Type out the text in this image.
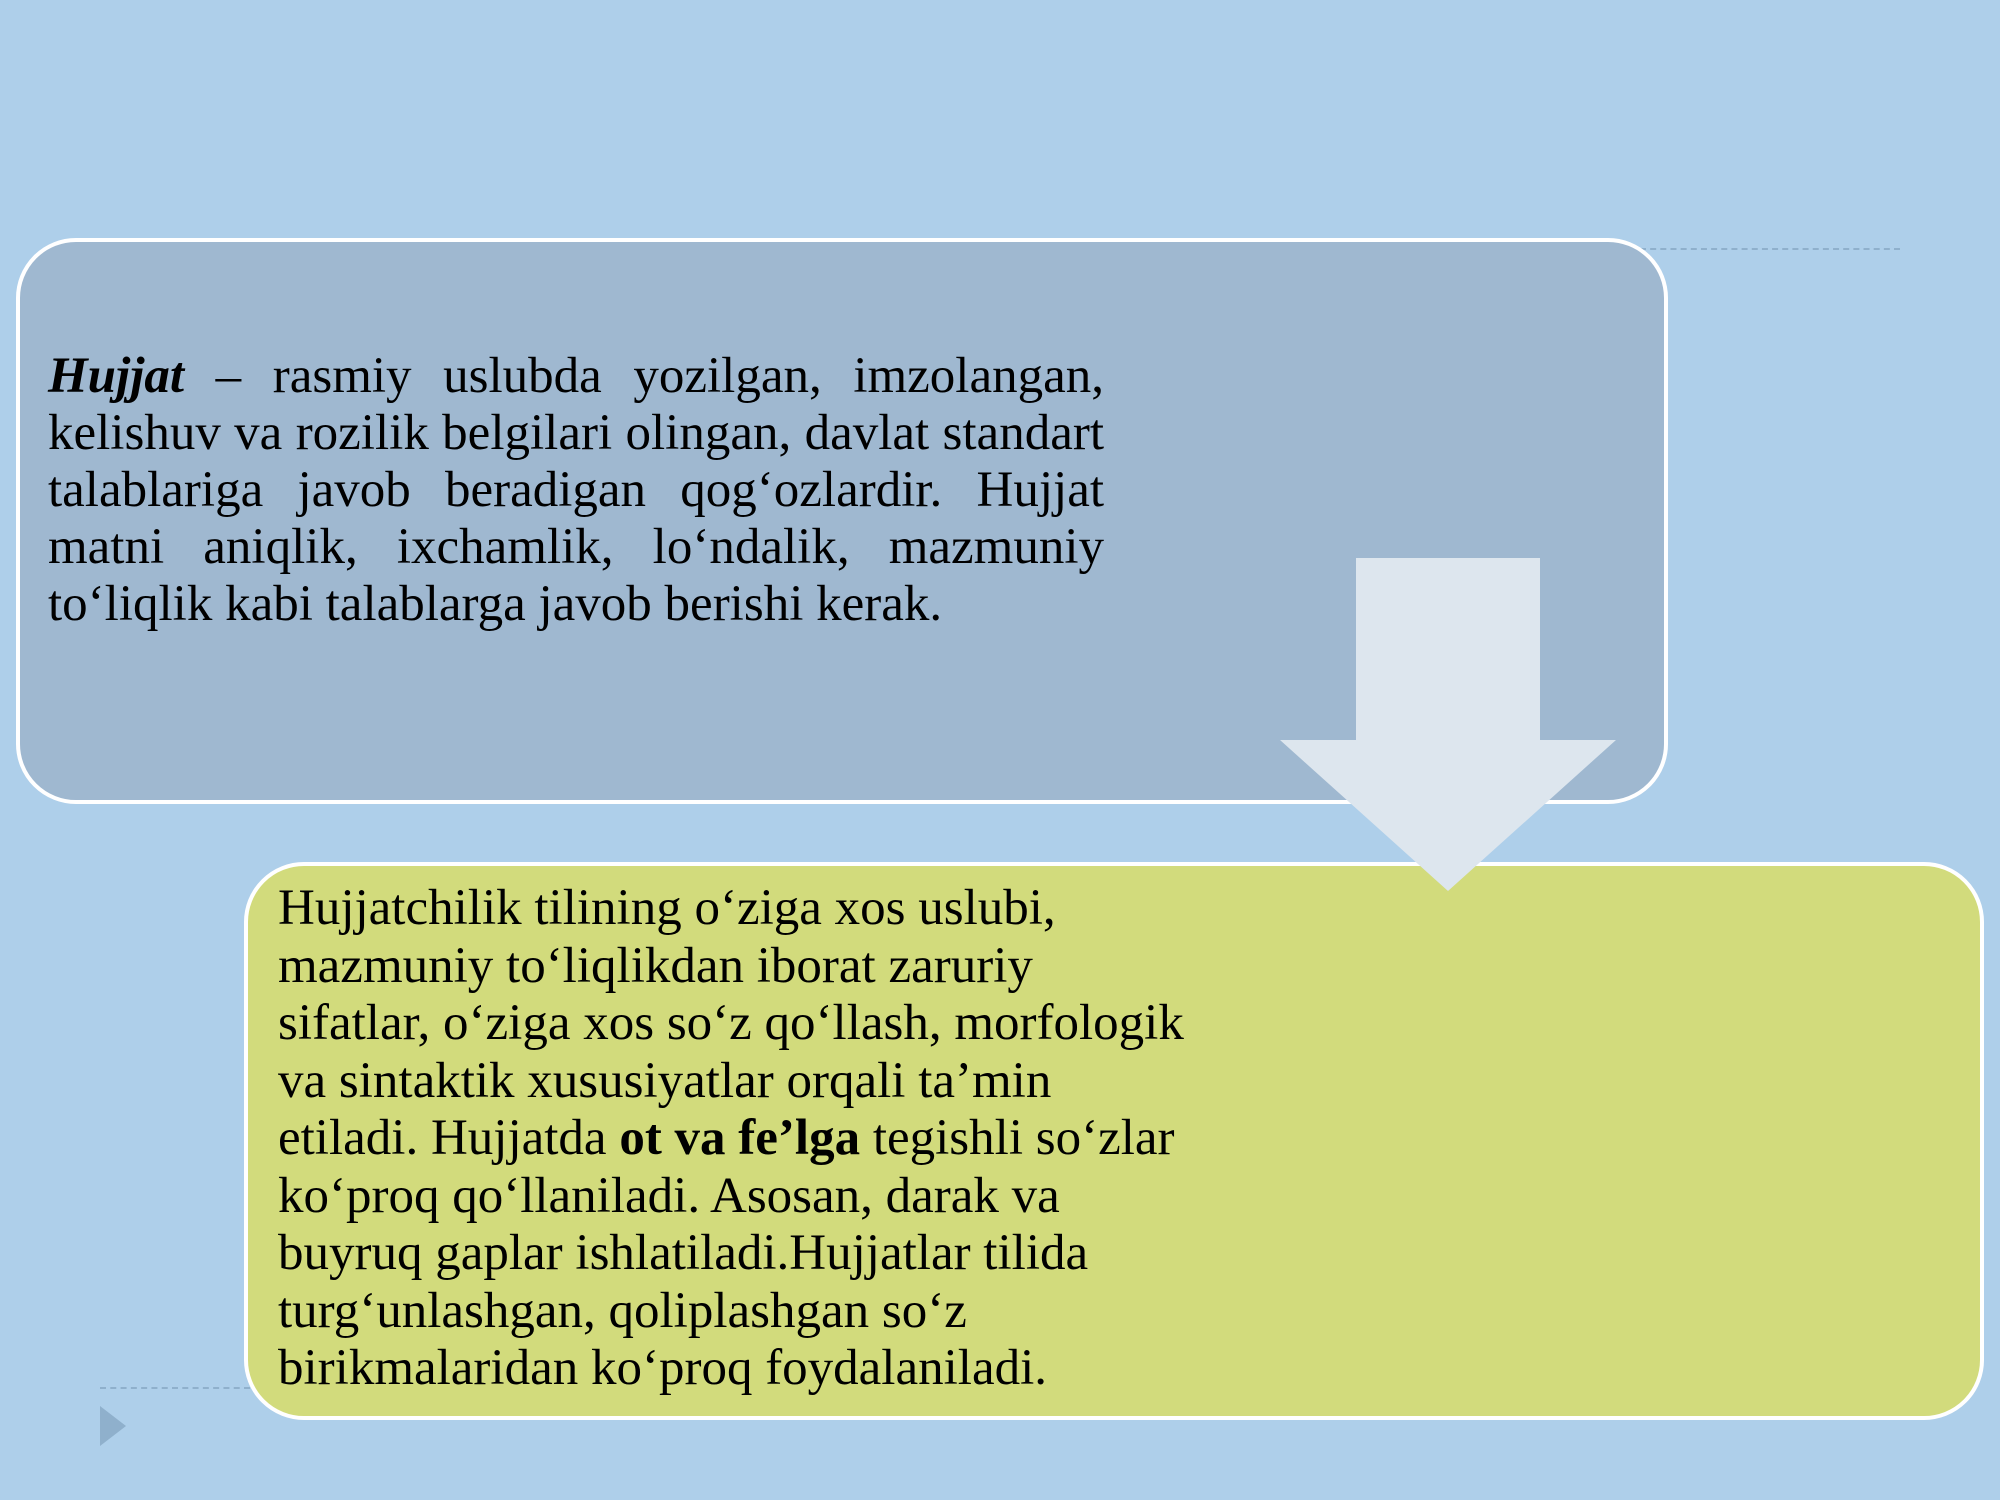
Hujjat – rasmiy uslubda yozilgan, imzolangan, kelishuv va rozilik belgilari olingan, davlat standart talablariga javob beradigan qog‘ozlardir. Hujjat matni aniqlik, ixchamlik, lo‘ndalik, mazmuniy to‘liqlik kabi talablarga javob berishi kerak.
Hujjatchilik tilining o‘ziga xos uslubi,
mazmuniy to‘liqlikdan iborat zaruriy
sifatlar, o‘ziga xos so‘z qo‘llash, morfologik
va sintaktik xususiyatlar orqali ta’min
etiladi. Hujjatda ot va fe’lga tegishli so‘zlar
ko‘proq qo‘llaniladi. Asosan, darak va
buyruq gaplar ishlatiladi.Hujjatlar tilida
turg‘unlashgan, qoliplashgan so‘z
birikmalaridan ko‘proq foydalaniladi.
